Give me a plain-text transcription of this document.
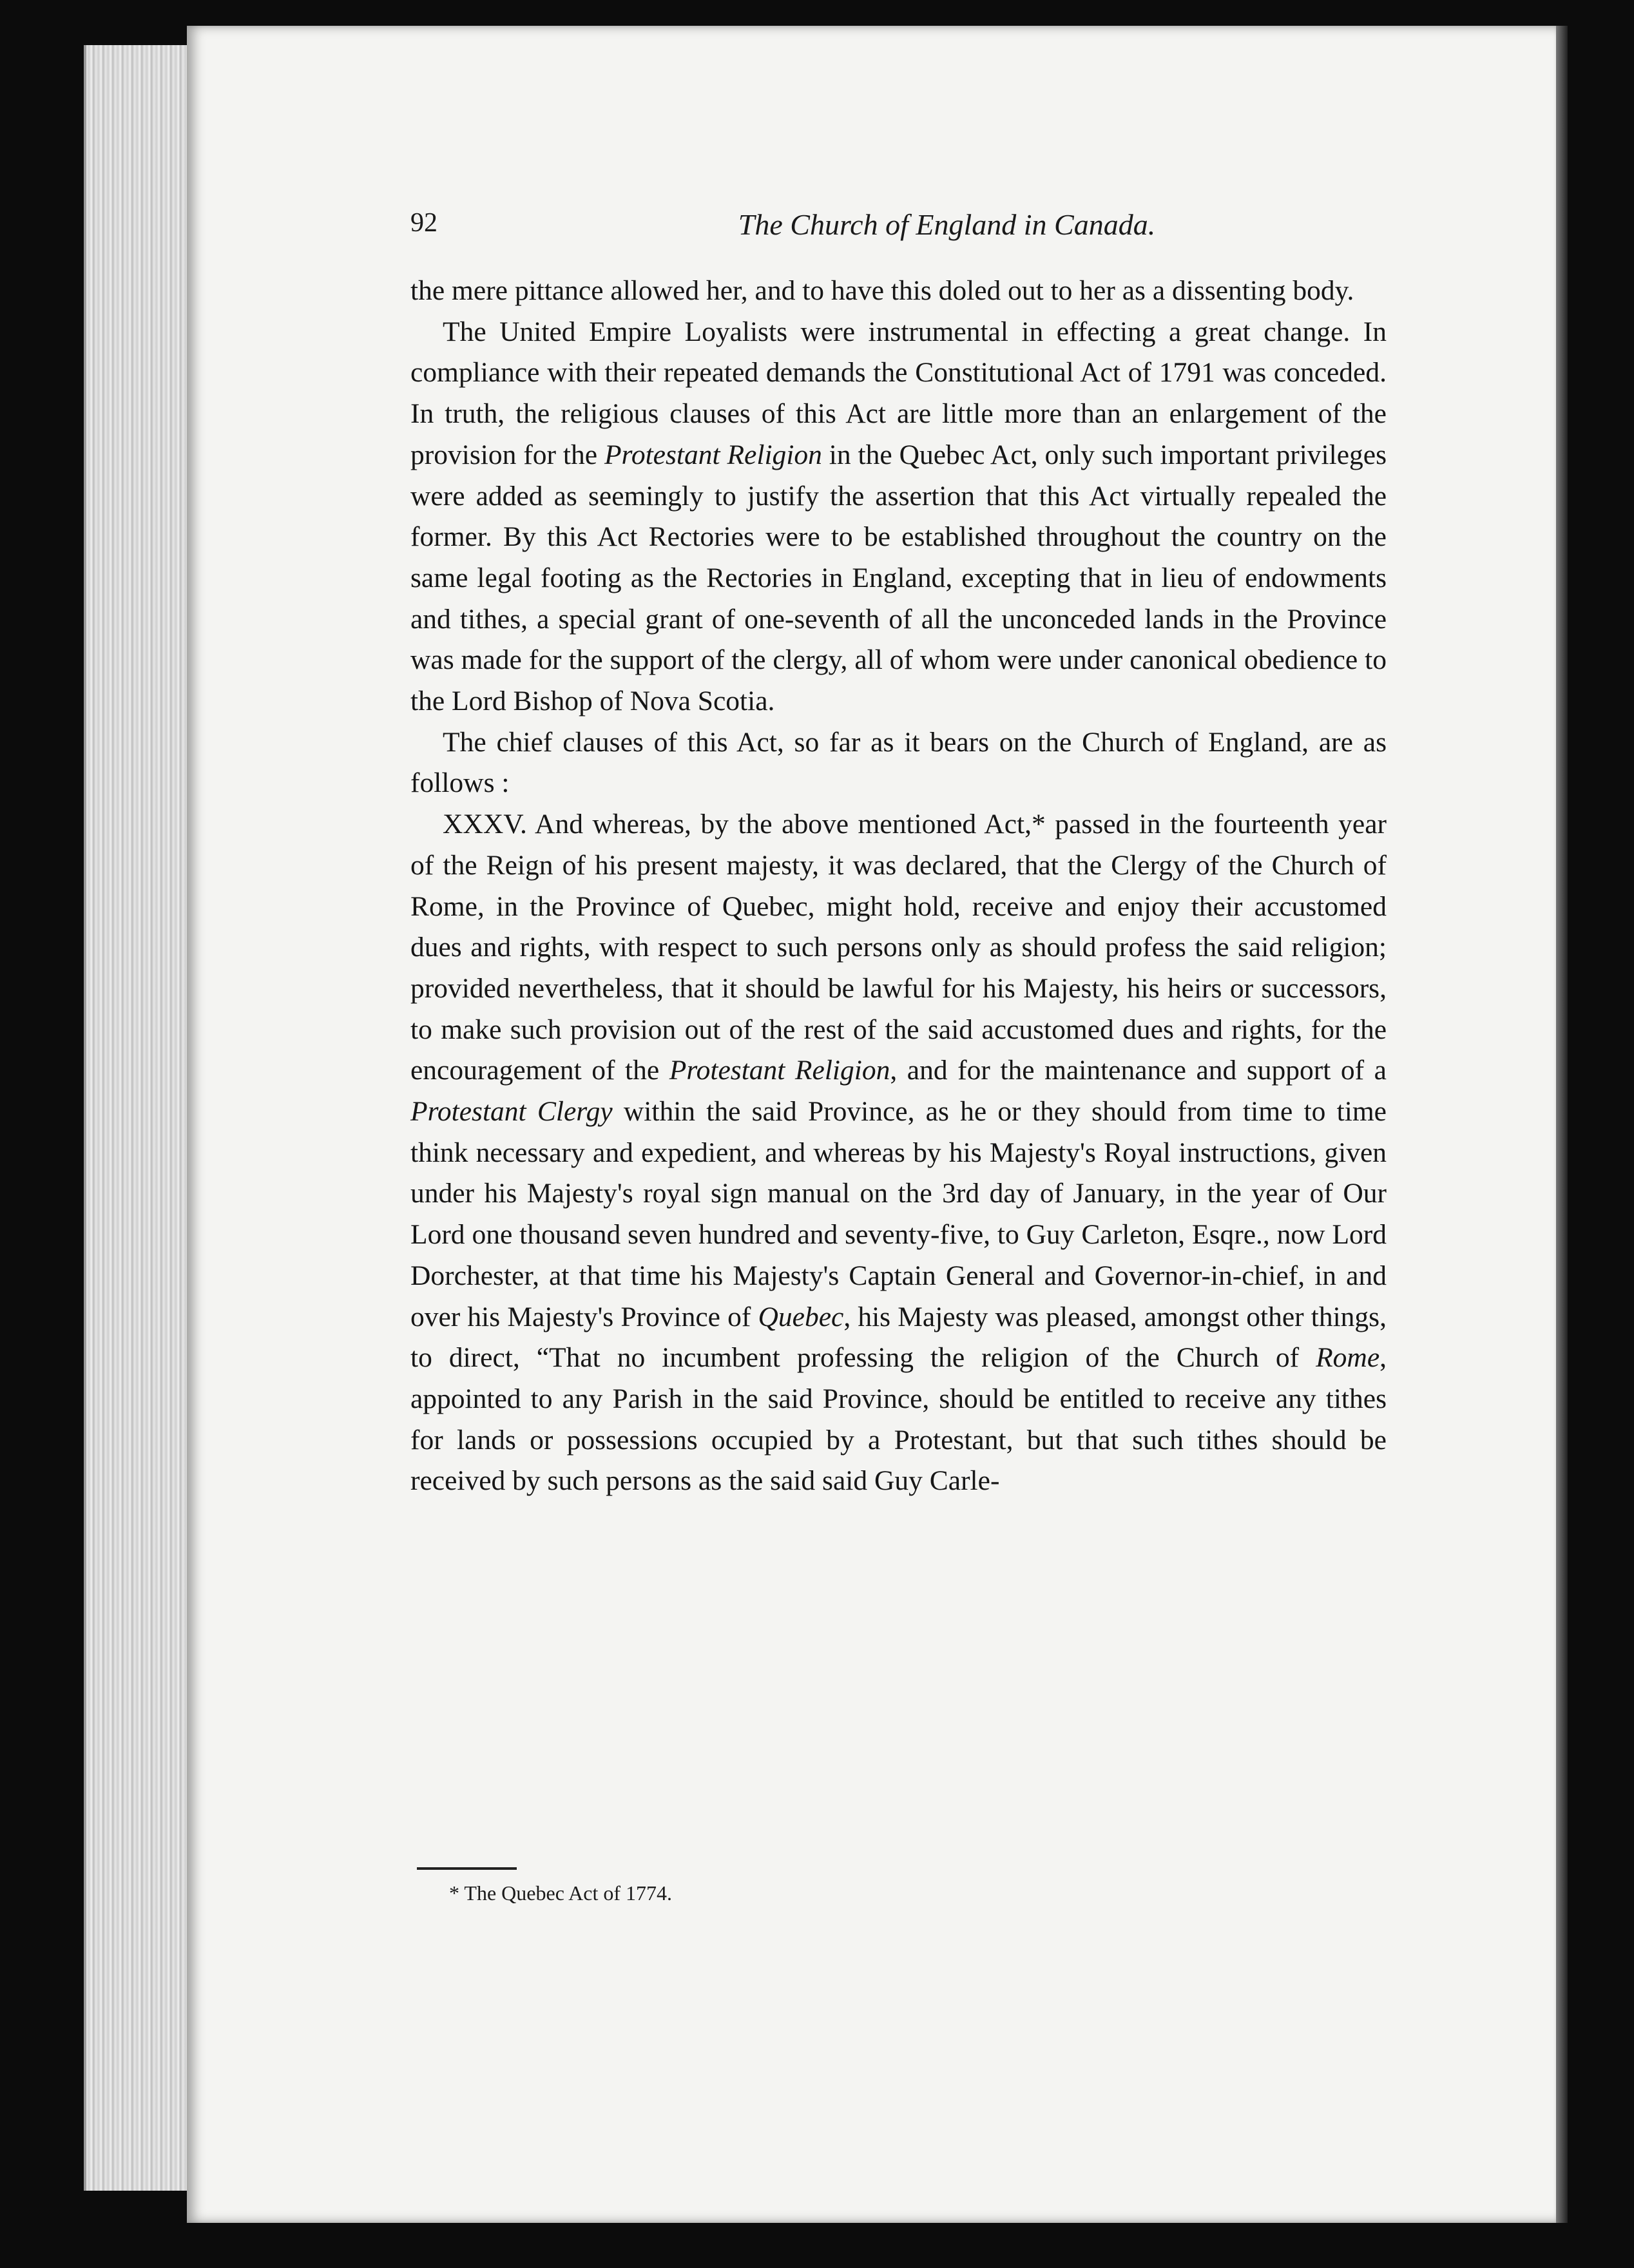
92	The Church of England in Canada.

the mere pittance allowed her, and to have this doled out to her as a dissenting body.

The United Empire Loyalists were instrumental in effecting a great change. In compliance with their repeated demands the Constitutional Act of 1791 was conceded. In truth, the religious clauses of this Act are little more than an enlargement of the provision for the Protestant Religion in the Quebec Act, only such important privileges were added as seemingly to justify the assertion that this Act virtually repealed the former. By this Act Rectories were to be established throughout the country on the same legal footing as the Rectories in England, excepting that in lieu of endowments and tithes, a special grant of one-seventh of all the unconceded lands in the Province was made for the support of the clergy, all of whom were under canonical obedience to the Lord Bishop of Nova Scotia.

The chief clauses of this Act, so far as it bears on the Church of England, are as follows :

XXXV. And whereas, by the above mentioned Act,* passed in the fourteenth year of the Reign of his present majesty, it was declared, that the Clergy of the Church of Rome, in the Province of Quebec, might hold, receive and enjoy their accustomed dues and rights, with respect to such persons only as should profess the said religion; provided nevertheless, that it should be lawful for his Majesty, his heirs or successors, to make such provision out of the rest of the said accustomed dues and rights, for the encouragement of the Protestant Religion, and for the maintenance and support of a Protestant Clergy within the said Province, as he or they should from time to time think necessary and expedient, and whereas by his Majesty's Royal instructions, given under his Majesty's royal sign manual on the 3rd day of January, in the year of Our Lord one thousand seven hundred and seventy-five, to Guy Carleton, Esqre., now Lord Dorchester, at that time his Majesty's Captain General and Governor-in-chief, in and over his Majesty's Province of Quebec, his Majesty was pleased, amongst other things, to direct, “That no incumbent professing the religion of the Church of Rome, appointed to any Parish in the said Province, should be entitled to receive any tithes for lands or possessions occupied by a Protestant, but that such tithes should be received by such persons as the said said Guy Carle-

* The Quebec Act of 1774.
